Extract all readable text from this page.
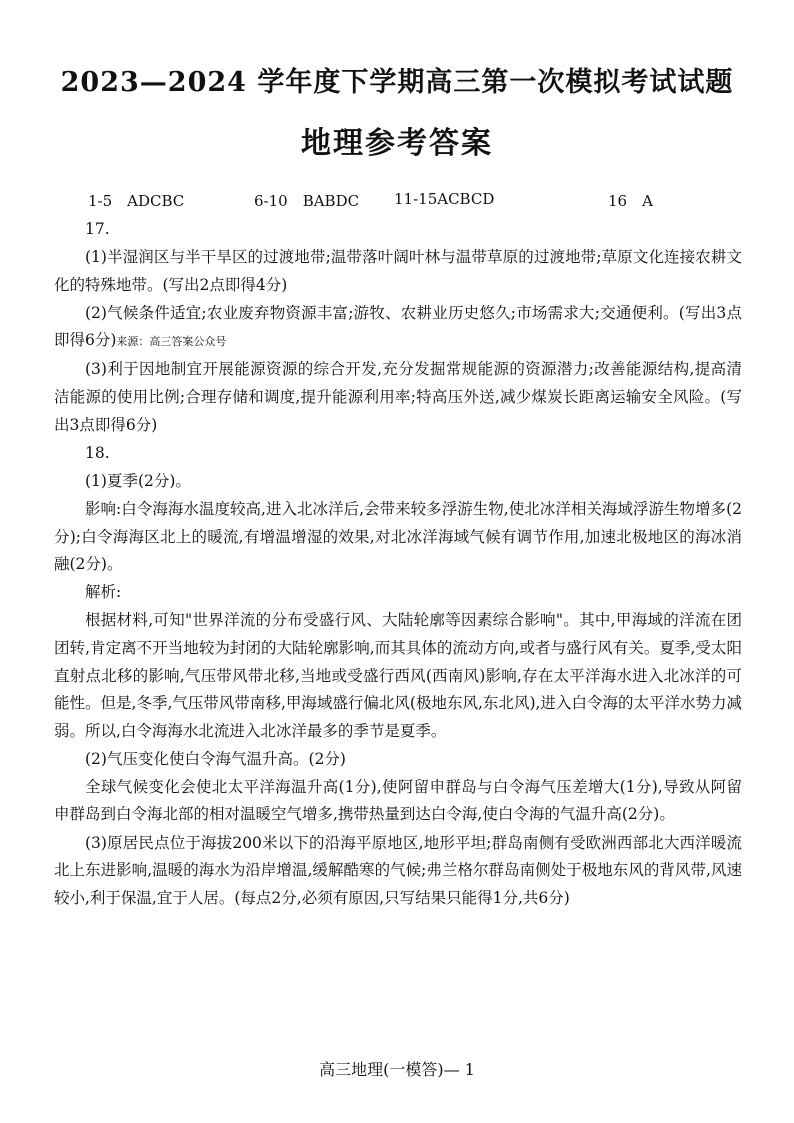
2023—2024 学年度下学期高三第一次模拟考试试题
地理参考答案
1-5　ADCBC	6-10　BABDC 11-15ACBCD	16　A

17.

(1)半湿润区与半干旱区的过渡地带;温带落叶阔叶林与温带草原的过渡地带;草原文化连接农耕文化的特殊地带。(写出2点即得4分)

(2)气候条件适宜;农业废弃物资源丰富;游牧、农耕业历史悠久;市场需求大;交通便利。(写出3点即得6分)来源：高三答案公众号

(3)利于因地制宜开展能源资源的综合开发,充分发掘常规能源的资源潜力;改善能源结构,提高清洁能源的使用比例;合理存储和调度,提升能源利用率;特高压外送,减少煤炭长距离运输安全风险。(写出3点即得6分)

18.

(1)夏季(2分)。

影响:白令海海水温度较高,进入北冰洋后,会带来较多浮游生物,使北冰洋相关海域浮游生物增多(2分);白令海海区北上的暖流,有增温增湿的效果,对北冰洋海域气候有调节作用,加速北极地区的海冰消融(2分)。

解析:

根据材料,可知"世界洋流的分布受盛行风、大陆轮廓等因素综合影响"。其中,甲海域的洋流在团团转,肯定离不开当地较为封闭的大陆轮廓影响,而其具体的流动方向,或者与盛行风有关。夏季,受太阳直射点北移的影响,气压带风带北移,当地或受盛行西风(西南风)影响,存在太平洋海水进入北冰洋的可能性。但是,冬季,气压带风带南移,甲海域盛行偏北风(极地东风,东北风),进入白令海的太平洋水势力减弱。所以,白令海海水北流进入北冰洋最多的季节是夏季。

(2)气压变化使白令海气温升高。(2分)

全球气候变化会使北太平洋海温升高(1分),使阿留申群岛与白令海气压差增大(1分),导致从阿留申群岛到白令海北部的相对温暖空气增多,携带热量到达白令海,使白令海的气温升高(2分)。

(3)原居民点位于海拔200米以下的沿海平原地区,地形平坦;群岛南侧有受欧洲西部北大西洋暖流北上东进影响,温暖的海水为沿岸增温,缓解酷寒的气候;弗兰格尔群岛南侧处于极地东风的背风带,风速较小,利于保温,宜于人居。(每点2分,必须有原因,只写结果只能得1分,共6分)

高三地理(一模答)— 1
